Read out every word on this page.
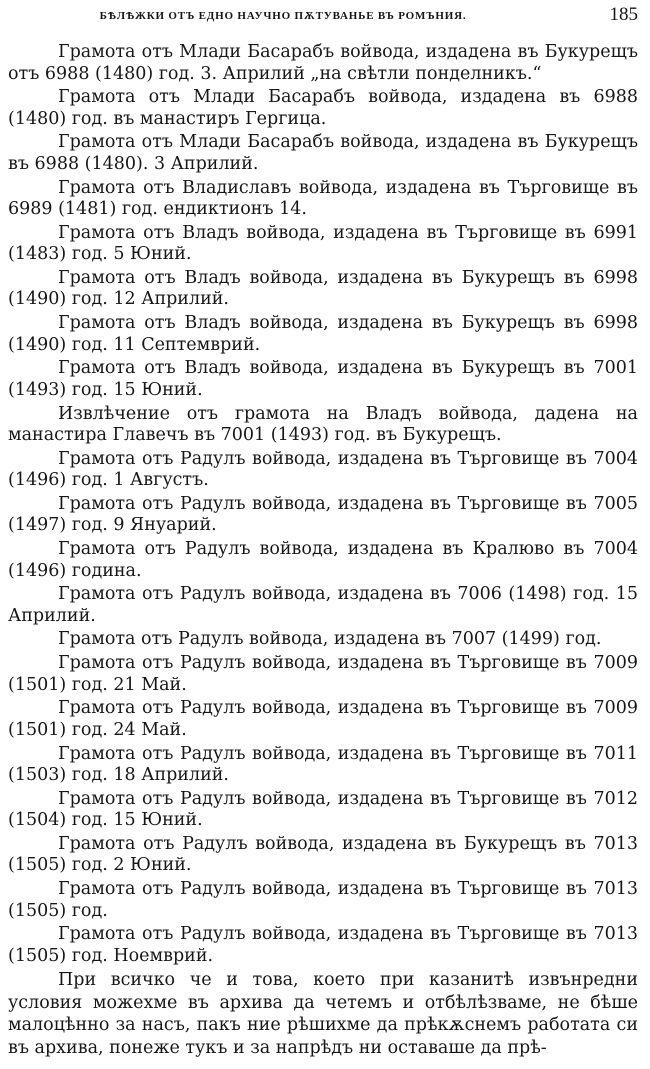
БѢЛѢЖКИ ОТЪ ЕДНО НАУЧНО ПѪТУВАНЬЕ ВЪ РОМЪНИЯ.	185

Грамота отъ Млади Басарабъ войвода, издадена въ Букурещъ отъ 6988 (1480) год. 3. Априлий „на свѣтли понделникъ.“

Грамота отъ Млади Басарабъ войвода, издадена въ 6988 (1480) год. въ манастиръ Гергица.

Грамота отъ Млади Басарабъ войвода, издадена въ Букурещъ въ 6988 (1480). 3 Априлий.

Грамота отъ Владиславъ войвода, издадена въ Търговище въ 6989 (1481) год. ендиктионъ 14.

Грамота отъ Владъ войвода, издадена въ Търговище въ 6991 (1483) год. 5 Юний.

Грамота отъ Владъ войвода, издадена въ Букурещъ въ 6998 (1490) год. 12 Априлий.

Грамота отъ Владъ войвода, издадена въ Букурещъ въ 6998 (1490) год. 11 Септемврий.

Грамота отъ Владъ войвода, издадена въ Букурещъ въ 7001 (1493) год. 15 Юний.

Извлѣчение отъ грамота на Владъ войвода, дадена на манастира Главечъ въ 7001 (1493) год. въ Букурещъ.

Грамота отъ Радулъ войвода, издадена въ Търговище въ 7004 (1496) год. 1 Августъ.

Грамота отъ Радулъ войвода, издадена въ Търговище въ 7005 (1497) год. 9 Януарий.

Грамота отъ Радулъ войвода, издадена въ Кралюво въ 7004 (1496) година.

Грамота отъ Радулъ войвода, издадена въ 7006 (1498) год. 15 Априлий.

Грамота отъ Радулъ войвода, издадена въ 7007 (1499) год.

Грамота отъ Радулъ войвода, издадена въ Търговище въ 7009 (1501) год. 21 Май.

Грамота отъ Радулъ войвода, издадена въ Търговище въ 7009 (1501) год. 24 Май.

Грамота отъ Радулъ войвода, издадена въ Търговище въ 7011 (1503) год. 18 Априлий.

Грамота отъ Радулъ войвода, издадена въ Търговище въ 7012 (1504) год. 15 Юний.

Грамота отъ Радулъ войвода, издадена въ Букурещъ въ 7013 (1505) год. 2 Юний.

Грамота отъ Радулъ войвода, издадена въ Търговище въ 7013 (1505) год.

Грамота отъ Радулъ войвода, издадена въ Търговище въ 7013 (1505) год. Ноемврий.

При всичко че и това, което при казанитѣ извънредни условия можехме въ архива да четемъ и отбѣлѣзваме, не бѣше малоцѣнно за насъ, пакъ ние рѣшихме да прѣкѫснемъ работата си въ архива, понеже тукъ и за напрѣдъ ни оставаше да прѣ-
